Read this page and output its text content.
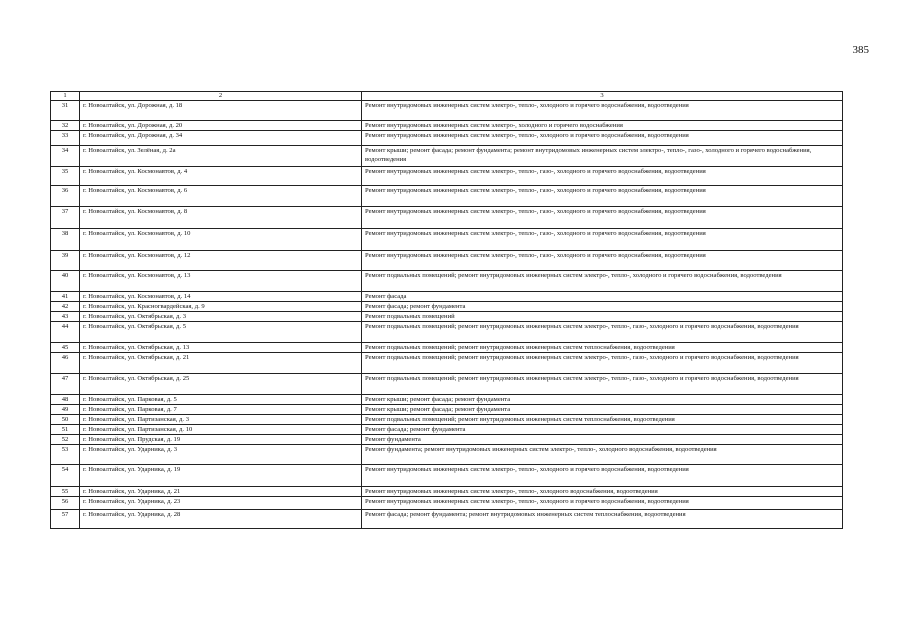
385
1	2	3
31	г. Новоалтайск, ул. Дорожная, д. 18	Ремонт внутридомовых инженерных систем электро-, тепло-, холодного и горячего водоснабжения, водоотведения
32	г. Новоалтайск, ул. Дорожная, д. 20	Ремонт внутридомовых инженерных систем электро-, холодного и горячего водоснабжения
33	г. Новоалтайск, ул. Дорожная, д. 34	Ремонт внутридомовых инженерных систем электро-, тепло-, холодного и горячего водоснабжения, водоотведения
34	г. Новоалтайск, ул. Зелёная, д. 2а	Ремонт крыши; ремонт фасада; ремонт фундамента; ремонт внутридомовых инженерных систем электро-, тепло-, газо-, холодного и горячего водоснабжения, водоотведения
35	г. Новоалтайск, ул. Космонавтов, д. 4	Ремонт внутридомовых инженерных систем электро-, тепло-, газо-, холодного и горячего водоснабжения, водоотведения
36	г. Новоалтайск, ул. Космонавтов, д. 6	Ремонт внутридомовых инженерных систем электро-, тепло-, газо-, холодного и горячего водоснабжения, водоотведения
37	г. Новоалтайск, ул. Космонавтов, д. 8	Ремонт внутридомовых инженерных систем электро-, тепло-, газо-, холодного и горячего водоснабжения, водоотведения
38	г. Новоалтайск, ул. Космонавтов, д. 10	Ремонт внутридомовых инженерных систем электро-, тепло-, газо-, холодного и горячего водоснабжения, водоотведения
39	г. Новоалтайск, ул. Космонавтов, д. 12	Ремонт внутридомовых инженерных систем электро-, тепло-, газо-, холодного и горячего водоснабжения, водоотведения
40	г. Новоалтайск, ул. Космонавтов, д. 13	Ремонт подвальных помещений; ремонт внутридомовых инженерных систем электро-, тепло-, холодного и горячего водоснабжения, водоотведения
41	г. Новоалтайск, ул. Космонавтов, д. 14	Ремонт фасада
42	г. Новоалтайск, ул. Красногвардейская, д. 9	Ремонт фасада; ремонт фундамента
43	г. Новоалтайск, ул. Октябрьская, д. 3	Ремонт подвальных помещений
44	г. Новоалтайск, ул. Октябрьская, д. 5	Ремонт подвальных помещений; ремонт внутридомовых инженерных систем электро-, тепло-, газо-, холодного и горячего водоснабжения, водоотведения
45	г. Новоалтайск, ул. Октябрьская, д. 13	Ремонт подвальных помещений; ремонт внутридомовых инженерных систем теплоснабжения, водоотведения
46	г. Новоалтайск, ул. Октябрьская, д. 21	Ремонт подвальных помещений; ремонт внутридомовых инженерных систем электро-, тепло-, газо-, холодного и горячего водоснабжения, водоотведения
47	г. Новоалтайск, ул. Октябрьская, д. 25	Ремонт подвальных помещений; ремонт внутридомовых инженерных систем электро-, тепло-, газо-, холодного и горячего водоснабжения, водоотведения
48	г. Новоалтайск, ул. Парковая, д. 5	Ремонт крыши; ремонт фасада; ремонт фундамента
49	г. Новоалтайск, ул. Парковая, д. 7	Ремонт крыши; ремонт фасада; ремонт фундамента
50	г. Новоалтайск, ул. Партизанская, д. 3	Ремонт подвальных помещений; ремонт внутридомовых инженерных систем теплоснабжения, водоотведения
51	г. Новоалтайск, ул. Партизанская, д. 10	Ремонт фасада; ремонт фундамента
52	г. Новоалтайск, ул. Прудская, д. 19	Ремонт фундамента
53	г. Новоалтайск, ул. Ударника, д. 3	Ремонт фундамента; ремонт внутридомовых инженерных систем электро-, тепло-, холодного водоснабжения, водоотведения
54	г. Новоалтайск, ул. Ударника, д. 19	Ремонт внутридомовых инженерных систем электро-, тепло-, холодного и горячего водоснабжения, водоотведения
55	г. Новоалтайск, ул. Ударника, д. 21	Ремонт внутридомовых инженерных систем электро-, тепло-, холодного водоснабжения, водоотведения
56	г. Новоалтайск, ул. Ударника, д. 23	Ремонт внутридомовых инженерных систем электро-, тепло-, холодного и горячего водоснабжения, водоотведения
57	г. Новоалтайск, ул. Ударника, д. 28	Ремонт фасада; ремонт фундамента; ремонт внутридомовых инженерных систем теплоснабжения, водоотведения
